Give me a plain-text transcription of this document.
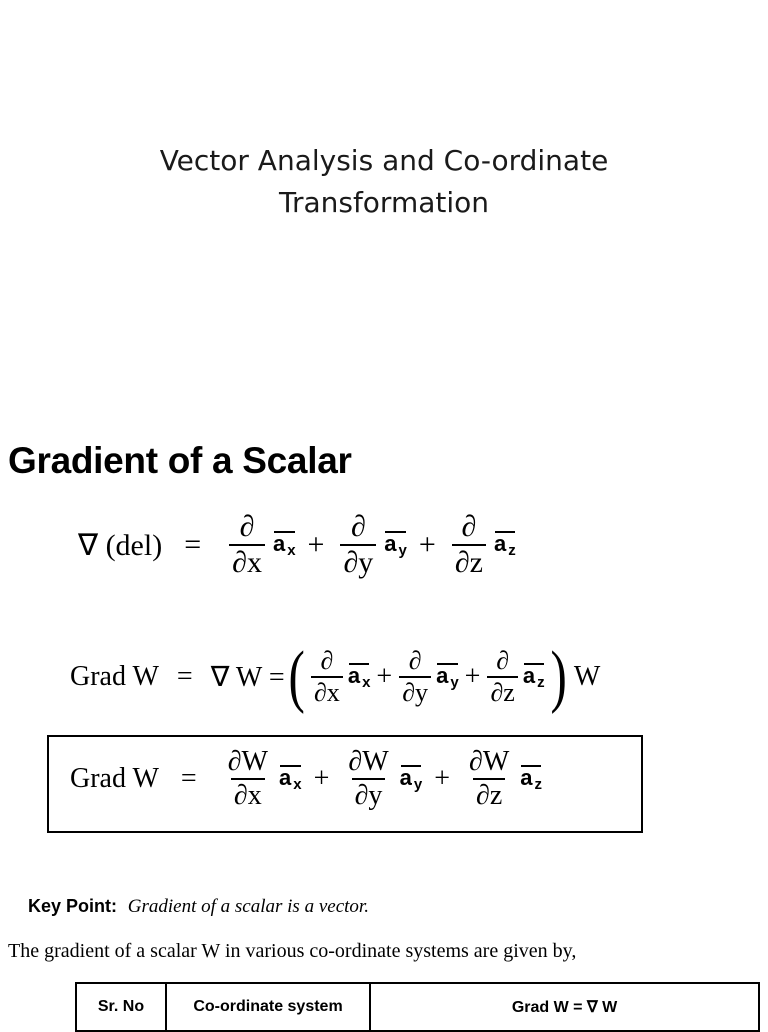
Vector Analysis and Co-ordinate
Transformation
Gradient of a Scalar
∇ $(del) = \frac{\partial}{\partial x}$ a $_x + \frac{\partial}{\partial y}$ a $_y + \frac{\partial}{\partial z}$ a $_z$
Grad W = ∇ W = ( $\frac{\partial}{\partial x}$ a $_x + \frac{\partial}{\partial y}$ a $_y + \frac{\partial}{\partial z}$ a $_z$ ) W
Grad $W = \frac{\partial W}{\partial x}$ a $_x + \frac{\partial W}{\partial y}$ a $_y + \frac{\partial W}{\partial z}$ a $_z$
Key Point: Gradient of a scalar is a vector.
The gradient of a scalar W in various co-ordinate systems are given by,
Sr. No	Co-ordinate system	Grad W = ∇ W
